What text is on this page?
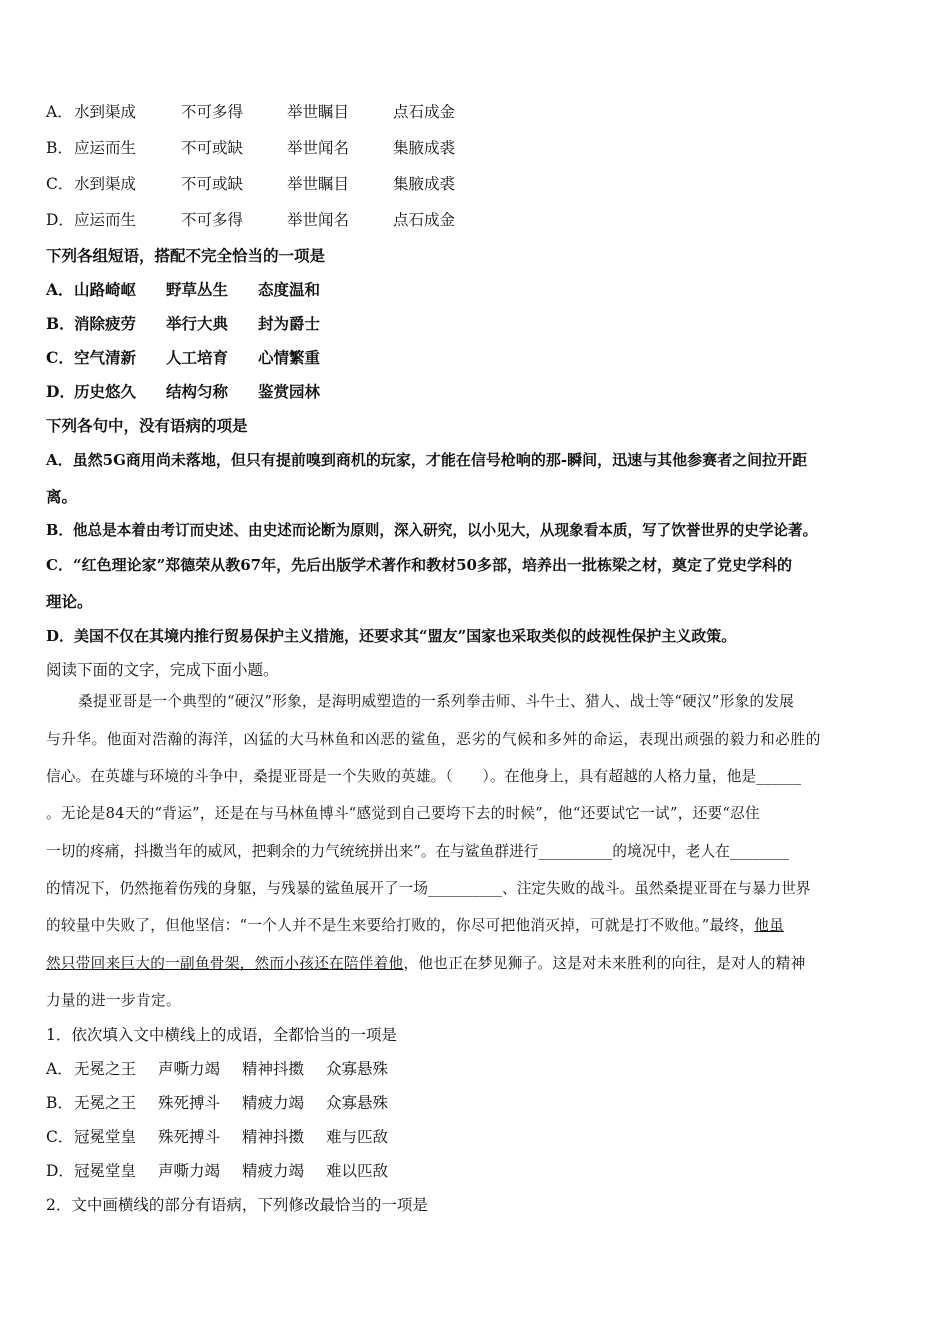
A．水到渠成	不可多得	举世瞩目	点石成金
B．应运而生	不可或缺	举世闻名	集腋成裘
C．水到渠成	不可或缺	举世瞩目	集腋成裘
D．应运而生	不可多得	举世闻名	点石成金
下列各组短语，搭配不完全恰当的一项是
A．山路崎岖 野草丛生 态度温和
B．消除疲劳 举行大典 封为爵士
C．空气清新 人工培育 心情繁重
D．历史悠久 结构匀称 鉴赏园林
下列各句中，没有语病的项是
A．虽然5G商用尚未落地，但只有提前嗅到商机的玩家，才能在信号枪响的那-瞬间，迅速与其他参赛者之间拉开距
离。
B．他总是本着由考订而史述、由史述而论断为原则，深入研究，以小见大，从现象看本质，写了饮誉世界的史学论著。
C．“红色理论家”郑德荣从教67年，先后出版学术著作和教材50多部，培养出一批栋梁之材，奠定了党史学科的
理论。
D．美国不仅在其境内推行贸易保护主义措施，还要求其“盟友”国家也采取类似的歧视性保护主义政策。
阅读下面的文字，完成下面小题。
桑提亚哥是一个典型的“硬汉”形象，是海明威塑造的一系列拳击师、斗牛士、猎人、战士等“硬汉”形象的发展
与升华。他面对浩瀚的海洋，凶猛的大马林鱼和凶恶的鲨鱼，恶劣的气候和多舛的命运，表现出顽强的毅力和必胜的
信心。在英雄与环境的斗争中，桑提亚哥是一个失败的英雄。（　　）。在他身上，具有超越的人格力量，他是______
。无论是84天的“背运”，还是在与马林鱼博斗“感觉到自己要垮下去的时候”，他“还要试它一试”，还要“忍住
一切的疼痛，抖擞当年的威风，把剩余的力气统统拼出来”。在与鲨鱼群进行__________的境况中，老人在________
的情况下，仍然拖着伤残的身躯，与残暴的鲨鱼展开了一场__________、注定失败的战斗。虽然桑提亚哥在与暴力世界
的较量中失败了，但他坚信：“一个人并不是生来要给打败的，你尽可把他消灭掉，可就是打不败他。”最终，他虽
然只带回来巨大的一副鱼骨架，然而小孩还在陪伴着他，他也正在梦见狮子。这是对未来胜利的向往，是对人的精神
力量的进一步肯定。
1．依次填入文中横线上的成语，全都恰当的一项是
A．无冕之王 声嘶力竭 精神抖擞 众寡悬殊
B．无冕之王 殊死搏斗 精疲力竭 众寡悬殊
C．冠冕堂皇 殊死搏斗 精神抖擞 难与匹敌
D．冠冕堂皇 声嘶力竭 精疲力竭 难以匹敌
2．文中画横线的部分有语病，下列修改最恰当的一项是
